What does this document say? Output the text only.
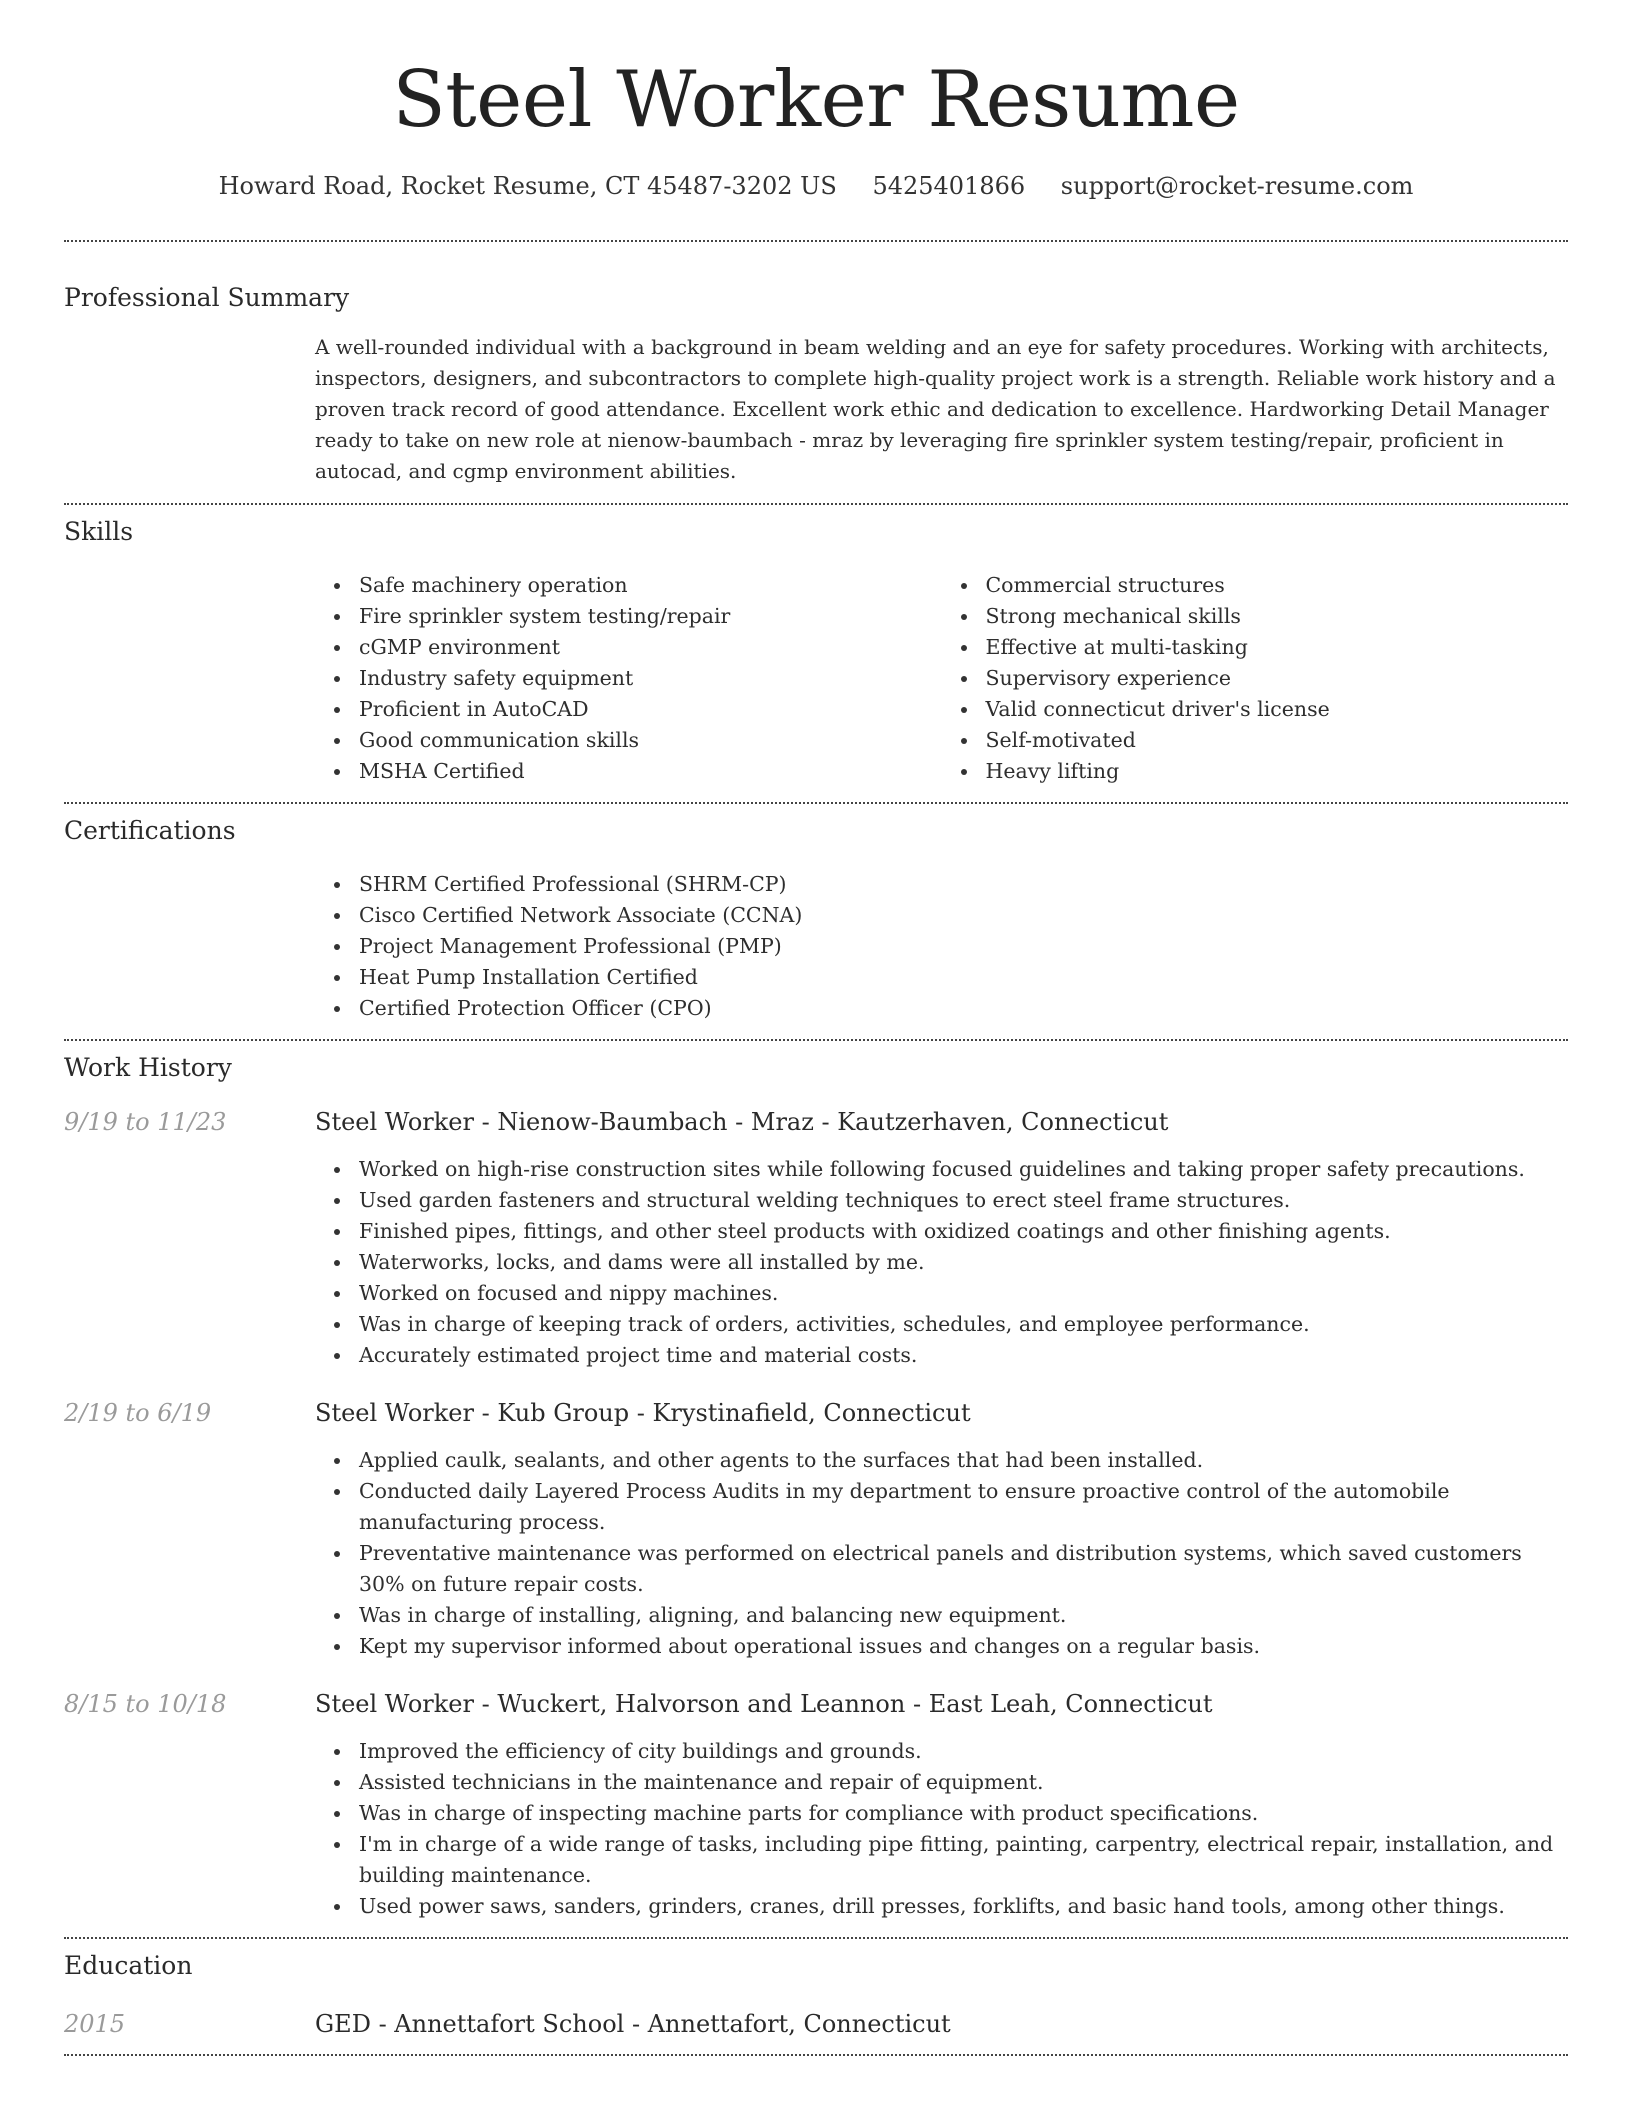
Steel Worker Resume
Howard Road, Rocket Resume, CT 45487-3202 US 5425401866 support@rocket-resume.com
Professional Summary

A well-rounded individual with a background in beam welding and an eye for safety procedures. Working with architects, inspectors, designers, and subcontractors to complete high-quality project work is a strength. Reliable work history and a proven track record of good attendance. Excellent work ethic and dedication to excellence. Hardworking Detail Manager ready to take on new role at nienow-baumbach - mraz by leveraging fire sprinkler system testing/repair, proficient in autocad, and cgmp environment abilities.

Skills
Safe machinery operation
Fire sprinkler system testing/repair
cGMP environment
Industry safety equipment
Proficient in AutoCAD
Good communication skills
MSHA Certified
Commercial structures
Strong mechanical skills
Effective at multi-tasking
Supervisory experience
Valid connecticut driver's license
Self-motivated
Heavy lifting
Certifications
SHRM Certified Professional (SHRM-CP)
Cisco Certified Network Associate (CCNA)
Project Management Professional (PMP)
Heat Pump Installation Certified
Certified Protection Officer (CPO)
Work History
9/19 to 11/23	Steel Worker - Nienow-Baumbach - Mraz - Kautzerhaven, Connecticut
Worked on high-rise construction sites while following focused guidelines and taking proper safety precautions.
Used garden fasteners and structural welding techniques to erect steel frame structures.
Finished pipes, fittings, and other steel products with oxidized coatings and other finishing agents.
Waterworks, locks, and dams were all installed by me.
Worked on focused and nippy machines.
Was in charge of keeping track of orders, activities, schedules, and employee performance.
Accurately estimated project time and material costs.
2/19 to 6/19	Steel Worker - Kub Group - Krystinafield, Connecticut
Applied caulk, sealants, and other agents to the surfaces that had been installed.
Conducted daily Layered Process Audits in my department to ensure proactive control of the automobile manufacturing process.
Preventative maintenance was performed on electrical panels and distribution systems, which saved customers 30% on future repair costs.
Was in charge of installing, aligning, and balancing new equipment.
Kept my supervisor informed about operational issues and changes on a regular basis.
8/15 to 10/18	Steel Worker - Wuckert, Halvorson and Leannon - East Leah, Connecticut
Improved the efficiency of city buildings and grounds.
Assisted technicians in the maintenance and repair of equipment.
Was in charge of inspecting machine parts for compliance with product specifications.
I'm in charge of a wide range of tasks, including pipe fitting, painting, carpentry, electrical repair, installation, and building maintenance.
Used power saws, sanders, grinders, cranes, drill presses, forklifts, and basic hand tools, among other things.
Education
2015	GED - Annettafort School - Annettafort, Connecticut
